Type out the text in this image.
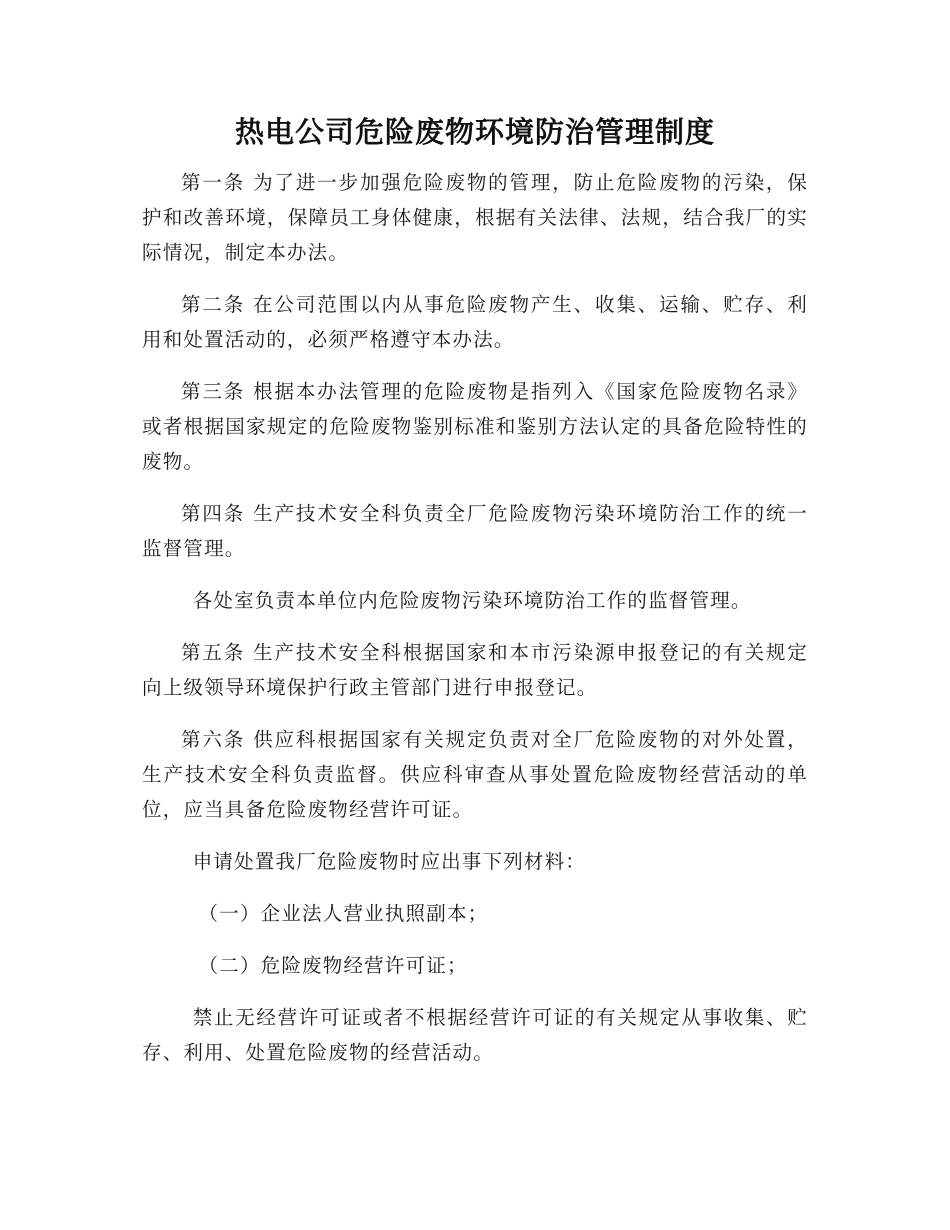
热电公司危险废物环境防治管理制度

第一条 为了进一步加强危险废物的管理，防止危险废物的污染，保护和改善环境，保障员工身体健康，根据有关法律、法规，结合我厂的实际情况，制定本办法。

第二条 在公司范围以内从事危险废物产生、收集、运输、贮存、利用和处置活动的，必须严格遵守本办法。

第三条 根据本办法管理的危险废物是指列入《国家危险废物名录》或者根据国家规定的危险废物鉴别标准和鉴别方法认定的具备危险特性的废物。

第四条 生产技术安全科负责全厂危险废物污染环境防治工作的统一监督管理。

各处室负责本单位内危险废物污染环境防治工作的监督管理。

第五条 生产技术安全科根据国家和本市污染源申报登记的有关规定向上级领导环境保护行政主管部门进行申报登记。

第六条 供应科根据国家有关规定负责对全厂危险废物的对外处置，生产技术安全科负责监督。供应科审查从事处置危险废物经营活动的单位，应当具备危险废物经营许可证。

申请处置我厂危险废物时应出事下列材料：

（一）企业法人营业执照副本；

（二）危险废物经营许可证；

禁止无经营许可证或者不根据经营许可证的有关规定从事收集、贮存、利用、处置危险废物的经营活动。
